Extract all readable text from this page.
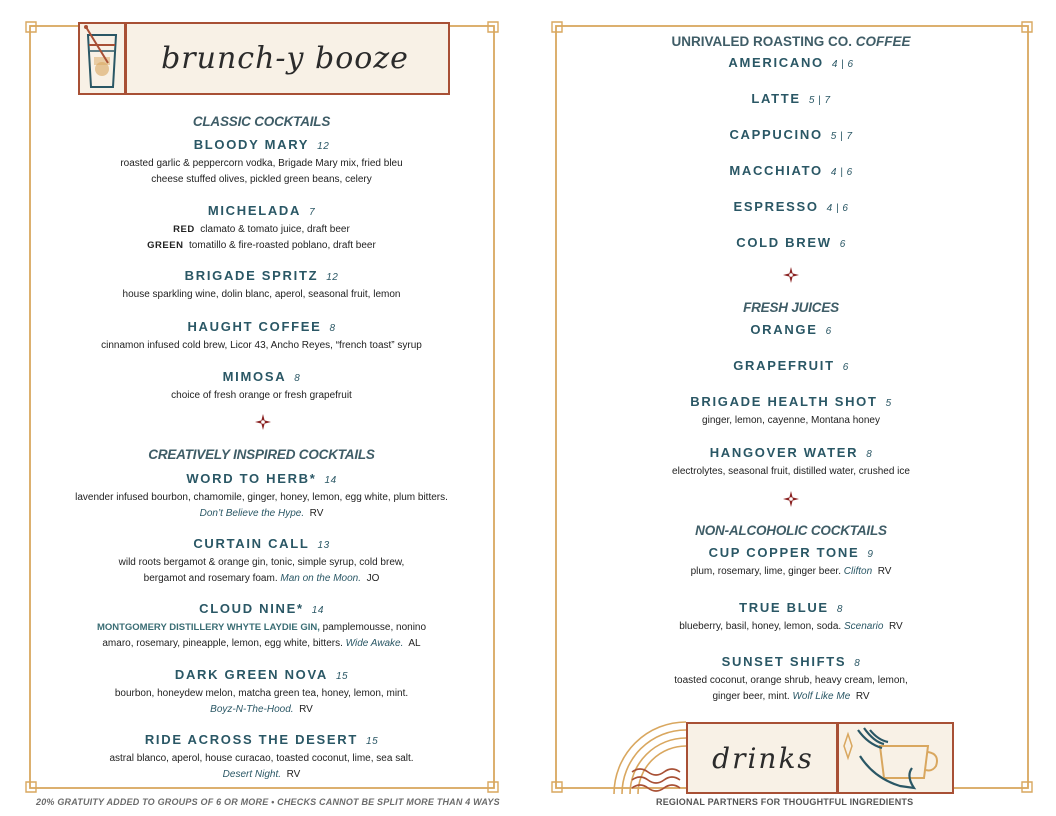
brunch-y booze
CLASSIC COCKTAILS
BLOODY MARY 12
roasted garlic & peppercorn vodka, Brigade Mary mix, fried bleu
cheese stuffed olives, pickled green beans, celery
MICHELADA 7
RED clamato & tomato juice, draft beer
GREEN tomatillo & fire-roasted poblano, draft beer
BRIGADE SPRITZ 12
house sparkling wine, dolin blanc, aperol, seasonal fruit, lemon
HAUGHT COFFEE 8
cinnamon infused cold brew, Licor 43, Ancho Reyes, “french toast” syrup
MIMOSA 8
choice of fresh orange or fresh grapefruit
CREATIVELY INSPIRED COCKTAILS
WORD TO HERB* 14
lavender infused bourbon, chamomile, ginger, honey, lemon, egg white, plum bitters.
Don’t Believe the Hype. RV
CURTAIN CALL 13
wild roots bergamot & orange gin, tonic, simple syrup, cold brew,
bergamot and rosemary foam. Man on the Moon. JO
CLOUD NINE* 14
MONTGOMERY DISTILLERY WHYTE LAYDIE GIN, pamplemousse, nonino
amaro, rosemary, pineapple, lemon, egg white, bitters. Wide Awake. AL
DARK GREEN NOVA 15
bourbon, honeydew melon, matcha green tea, honey, lemon, mint.
Boyz-N-The-Hood. RV
RIDE ACROSS THE DESERT 15
astral blanco, aperol, house curacao, toasted coconut, lime, sea salt.
Desert Night. RV
20% GRATUITY ADDED TO GROUPS OF 6 OR MORE • CHECKS CANNOT BE SPLIT MORE THAN 4 WAYS
UNRIVALED ROASTING CO. COFFEE
AMERICANO 4 | 6
LATTE 5 | 7
CAPPUCINO 5 | 7
MACCHIATO 4 | 6
ESPRESSO 4 | 6
COLD BREW 6
FRESH JUICES
ORANGE 6
GRAPEFRUIT 6
BRIGADE HEALTH SHOT 5
ginger, lemon, cayenne, Montana honey
HANGOVER WATER 8
electrolytes, seasonal fruit, distilled water, crushed ice
NON-ALCOHOLIC COCKTAILS
CUP COPPER TONE 9
plum, rosemary, lime, ginger beer. Clifton RV
TRUE BLUE 8
blueberry, basil, honey, lemon, soda. Scenario RV
SUNSET SHIFTS 8
toasted coconut, orange shrub, heavy cream, lemon,
ginger beer, mint. Wolf Like Me RV
drinks
REGIONAL PARTNERS FOR THOUGHTFUL INGREDIENTS
